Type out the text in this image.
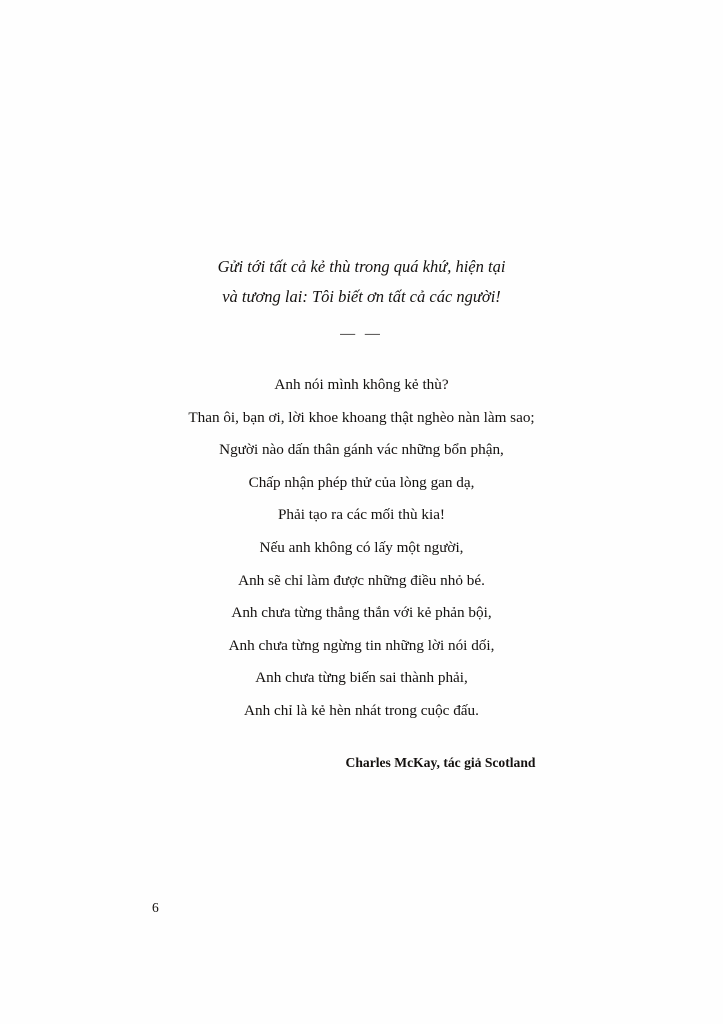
Gửi tới tất cả kẻ thù trong quá khứ, hiện tại
và tương lai: Tôi biết ơn tất cả các người!
— —
Anh nói mình không kẻ thù?
Than ôi, bạn ơi, lời khoe khoang thật nghèo nàn làm sao;
Người nào dấn thân gánh vác những bổn phận,
Chấp nhận phép thử của lòng gan dạ,
Phải tạo ra các mối thù kia!
Nếu anh không có lấy một người,
Anh sẽ chỉ làm được những điều nhỏ bé.
Anh chưa từng thẳng thắn với kẻ phản bội,
Anh chưa từng ngừng tin những lời nói dối,
Anh chưa từng biến sai thành phải,
Anh chỉ là kẻ hèn nhát trong cuộc đấu.
Charles McKay, tác giả Scotland
6
